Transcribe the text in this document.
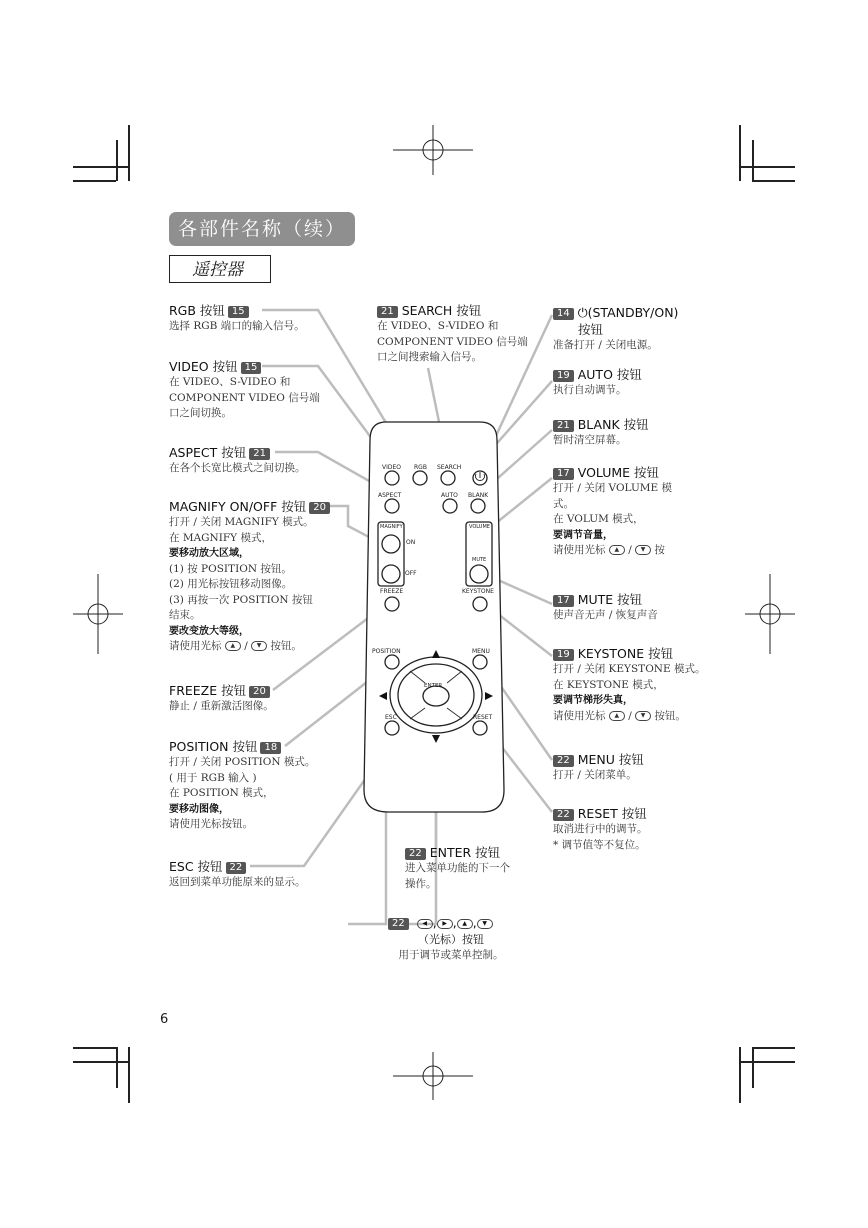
各部件名称（续）
遥控器
VIDEO RGB SEARCH
ASPECT	AUTO BLANK
MAGNIFY
ON
OFF
VOLUME
MUTE
FREEZE	KEYSTONE
POSITION	MENU
ENTER
ESC	RESET
RGB 按钮 15
选择 RGB 端口的输入信号。
VIDEO 按钮 15
在 VIDEO、S-VIDEO 和
COMPONENT VIDEO 信号端
口之间切换。
ASPECT 按钮 21
在各个长宽比模式之间切换。
MAGNIFY ON/OFF 按钮 20
打开 / 关闭 MAGNIFY 模式。
在 MAGNIFY 模式，
要移动放大区域，
(1) 按 POSITION 按钮。
(2) 用光标按钮移动图像。
(3) 再按一次 POSITION 按钮
结束。
要改变放大等级，
请使用光标 ▲ / ▼ 按钮。
FREEZE 按钮 20
静止 / 重新激活图像。
POSITION 按钮 18
打开 / 关闭 POSITION 模式。
( 用于 RGB 输入 )
在 POSITION 模式，
要移动图像，
请使用光标按钮。
ESC 按钮 22
返回到菜单功能原来的显示。
21 SEARCH 按钮
在 VIDEO、S-VIDEO 和
COMPONENT VIDEO 信号端
口之间搜索输入信号。
22 ENTER 按钮
进入菜单功能的下一个
操作。
22	◀ , ▶ , ▲ , ▼
（光标）按钮
用于调节或菜单控制。
14 ⏻(STANDBY/ON)
按钮
准备打开 / 关闭电源。
19 AUTO 按钮
执行自动调节。
21 BLANK 按钮
暂时清空屏幕。
17 VOLUME 按钮
打开 / 关闭 VOLUME 模
式。
在 VOLUM 模式，
要调节音量，
请使用光标 ▲ / ▼ 按
17 MUTE 按钮
使声音无声 / 恢复声音
19 KEYSTONE 按钮
打开 / 关闭 KEYSTONE 模式。
在 KEYSTONE 模式，
要调节梯形失真，
请使用光标 ▲ / ▼ 按钮。
22 MENU 按钮
打开 / 关闭菜单。
22 RESET 按钮
取消进行中的调节。
* 调节值等不复位。
6
